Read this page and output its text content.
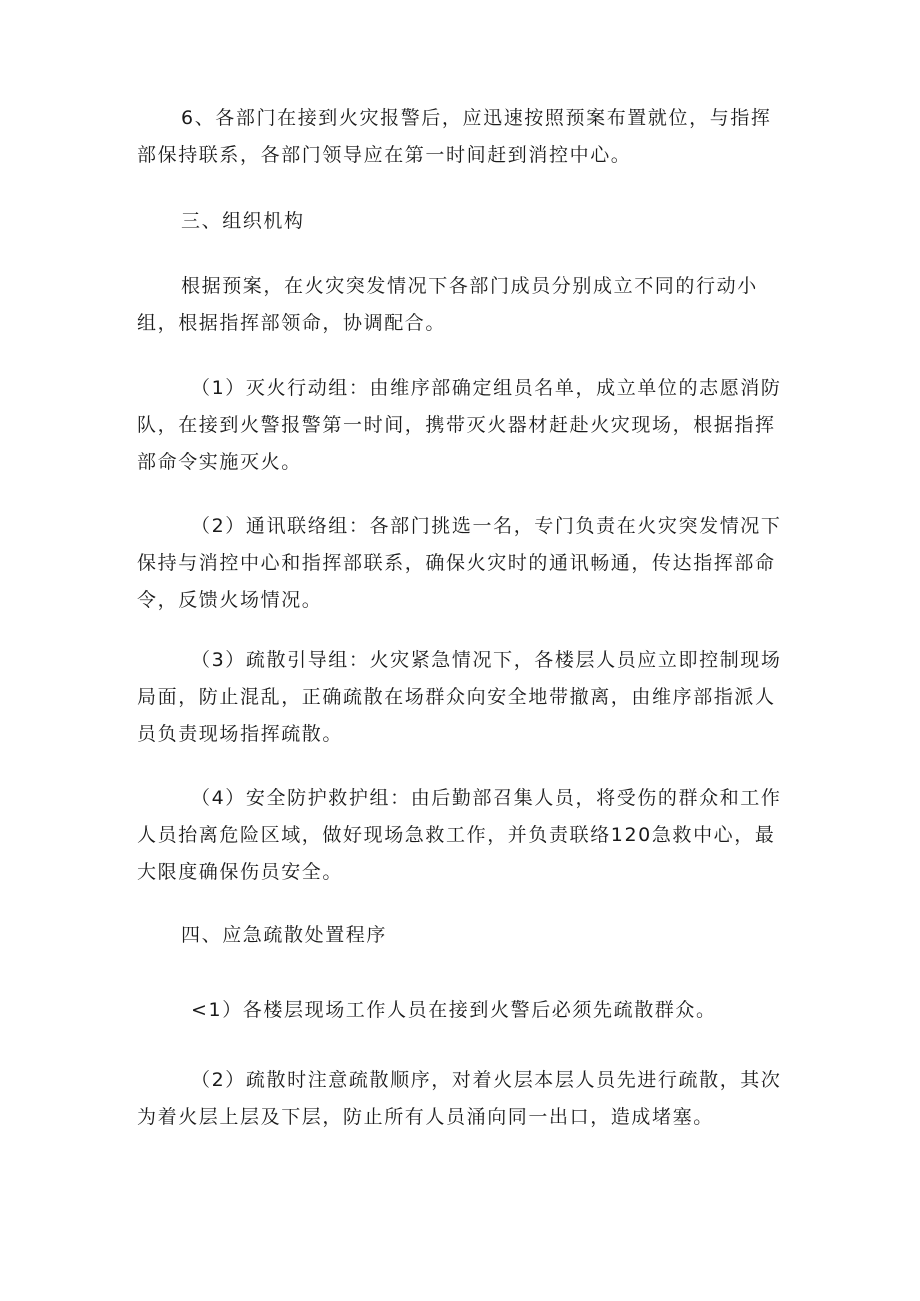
6、各部门在接到火灾报警后，应迅速按照预案布置就位，与指挥部保持联系，各部门领导应在第一时间赶到消控中心。

三、组织机构

根据预案，在火灾突发情况下各部门成员分别成立不同的行动小组，根据指挥部领命，协调配合。

（1）灭火行动组：由维序部确定组员名单，成立单位的志愿消防队，在接到火警报警第一时间，携带灭火器材赶赴火灾现场，根据指挥部命令实施灭火。

（2）通讯联络组：各部门挑选一名，专门负责在火灾突发情况下保持与消控中心和指挥部联系，确保火灾时的通讯畅通，传达指挥部命令，反馈火场情况。

（3）疏散引导组：火灾紧急情况下，各楼层人员应立即控制现场局面，防止混乱，正确疏散在场群众向安全地带撤离，由维序部指派人员负责现场指挥疏散。

（4）安全防护救护组：由后勤部召集人员，将受伤的群众和工作人员抬离危险区域，做好现场急救工作，并负责联络120急救中心，最大限度确保伤员安全。

四、应急疏散处置程序

<1）各楼层现场工作人员在接到火警后必须先疏散群众。

（2）疏散时注意疏散顺序，对着火层本层人员先进行疏散，其次为着火层上层及下层，防止所有人员涌向同一出口，造成堵塞。
